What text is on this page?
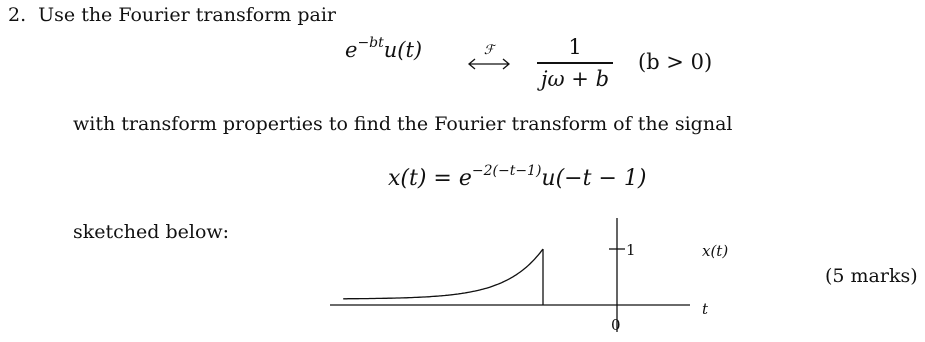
2. Use the Fourier transform pair
$e^{-bt}u(t)$	ℱ	1
jω + b
(b > 0)
with transform properties to find the Fourier transform of the signal
$x(t) = e^{-2(-t-1)}u(-t - 1)$
sketched below:
(5 marks)
1
0
t
x(t)
